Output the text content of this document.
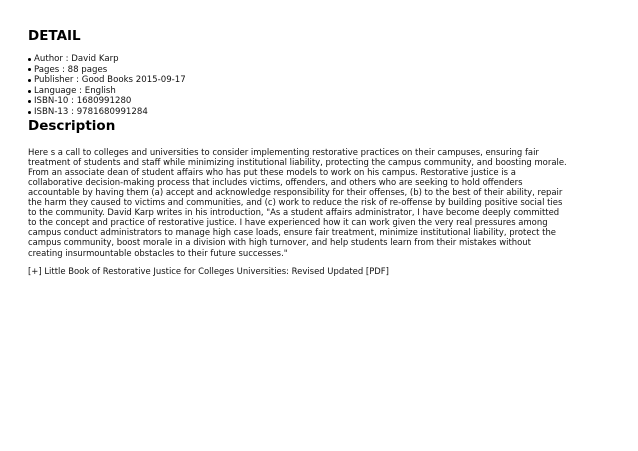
DETAIL
Author : David Karp
Pages : 88 pages
Publisher : Good Books 2015-09-17
Language : English
ISBN-10 : 1680991280
ISBN-13 : 9781680991284
Description

Here s a call to colleges and universities to consider implementing restorative practices on their campuses, ensuring fair
treatment of students and staff while minimizing institutional liability, protecting the campus community, and boosting morale.
From an associate dean of student affairs who has put these models to work on his campus. Restorative justice is a
collaborative decision-making process that includes victims, offenders, and others who are seeking to hold offenders
accountable by having them (a) accept and acknowledge responsibility for their offenses, (b) to the best of their ability, repair
the harm they caused to victims and communities, and (c) work to reduce the risk of re-offense by building positive social ties
to the community. David Karp writes in his introduction, "As a student affairs administrator, I have become deeply committed
to the concept and practice of restorative justice. I have experienced how it can work given the very real pressures among
campus conduct administrators to manage high case loads, ensure fair treatment, minimize institutional liability, protect the
campus community, boost morale in a division with high turnover, and help students learn from their mistakes without
creating insurmountable obstacles to their future successes."

[+] Little Book of Restorative Justice for Colleges Universities: Revised Updated [PDF]
